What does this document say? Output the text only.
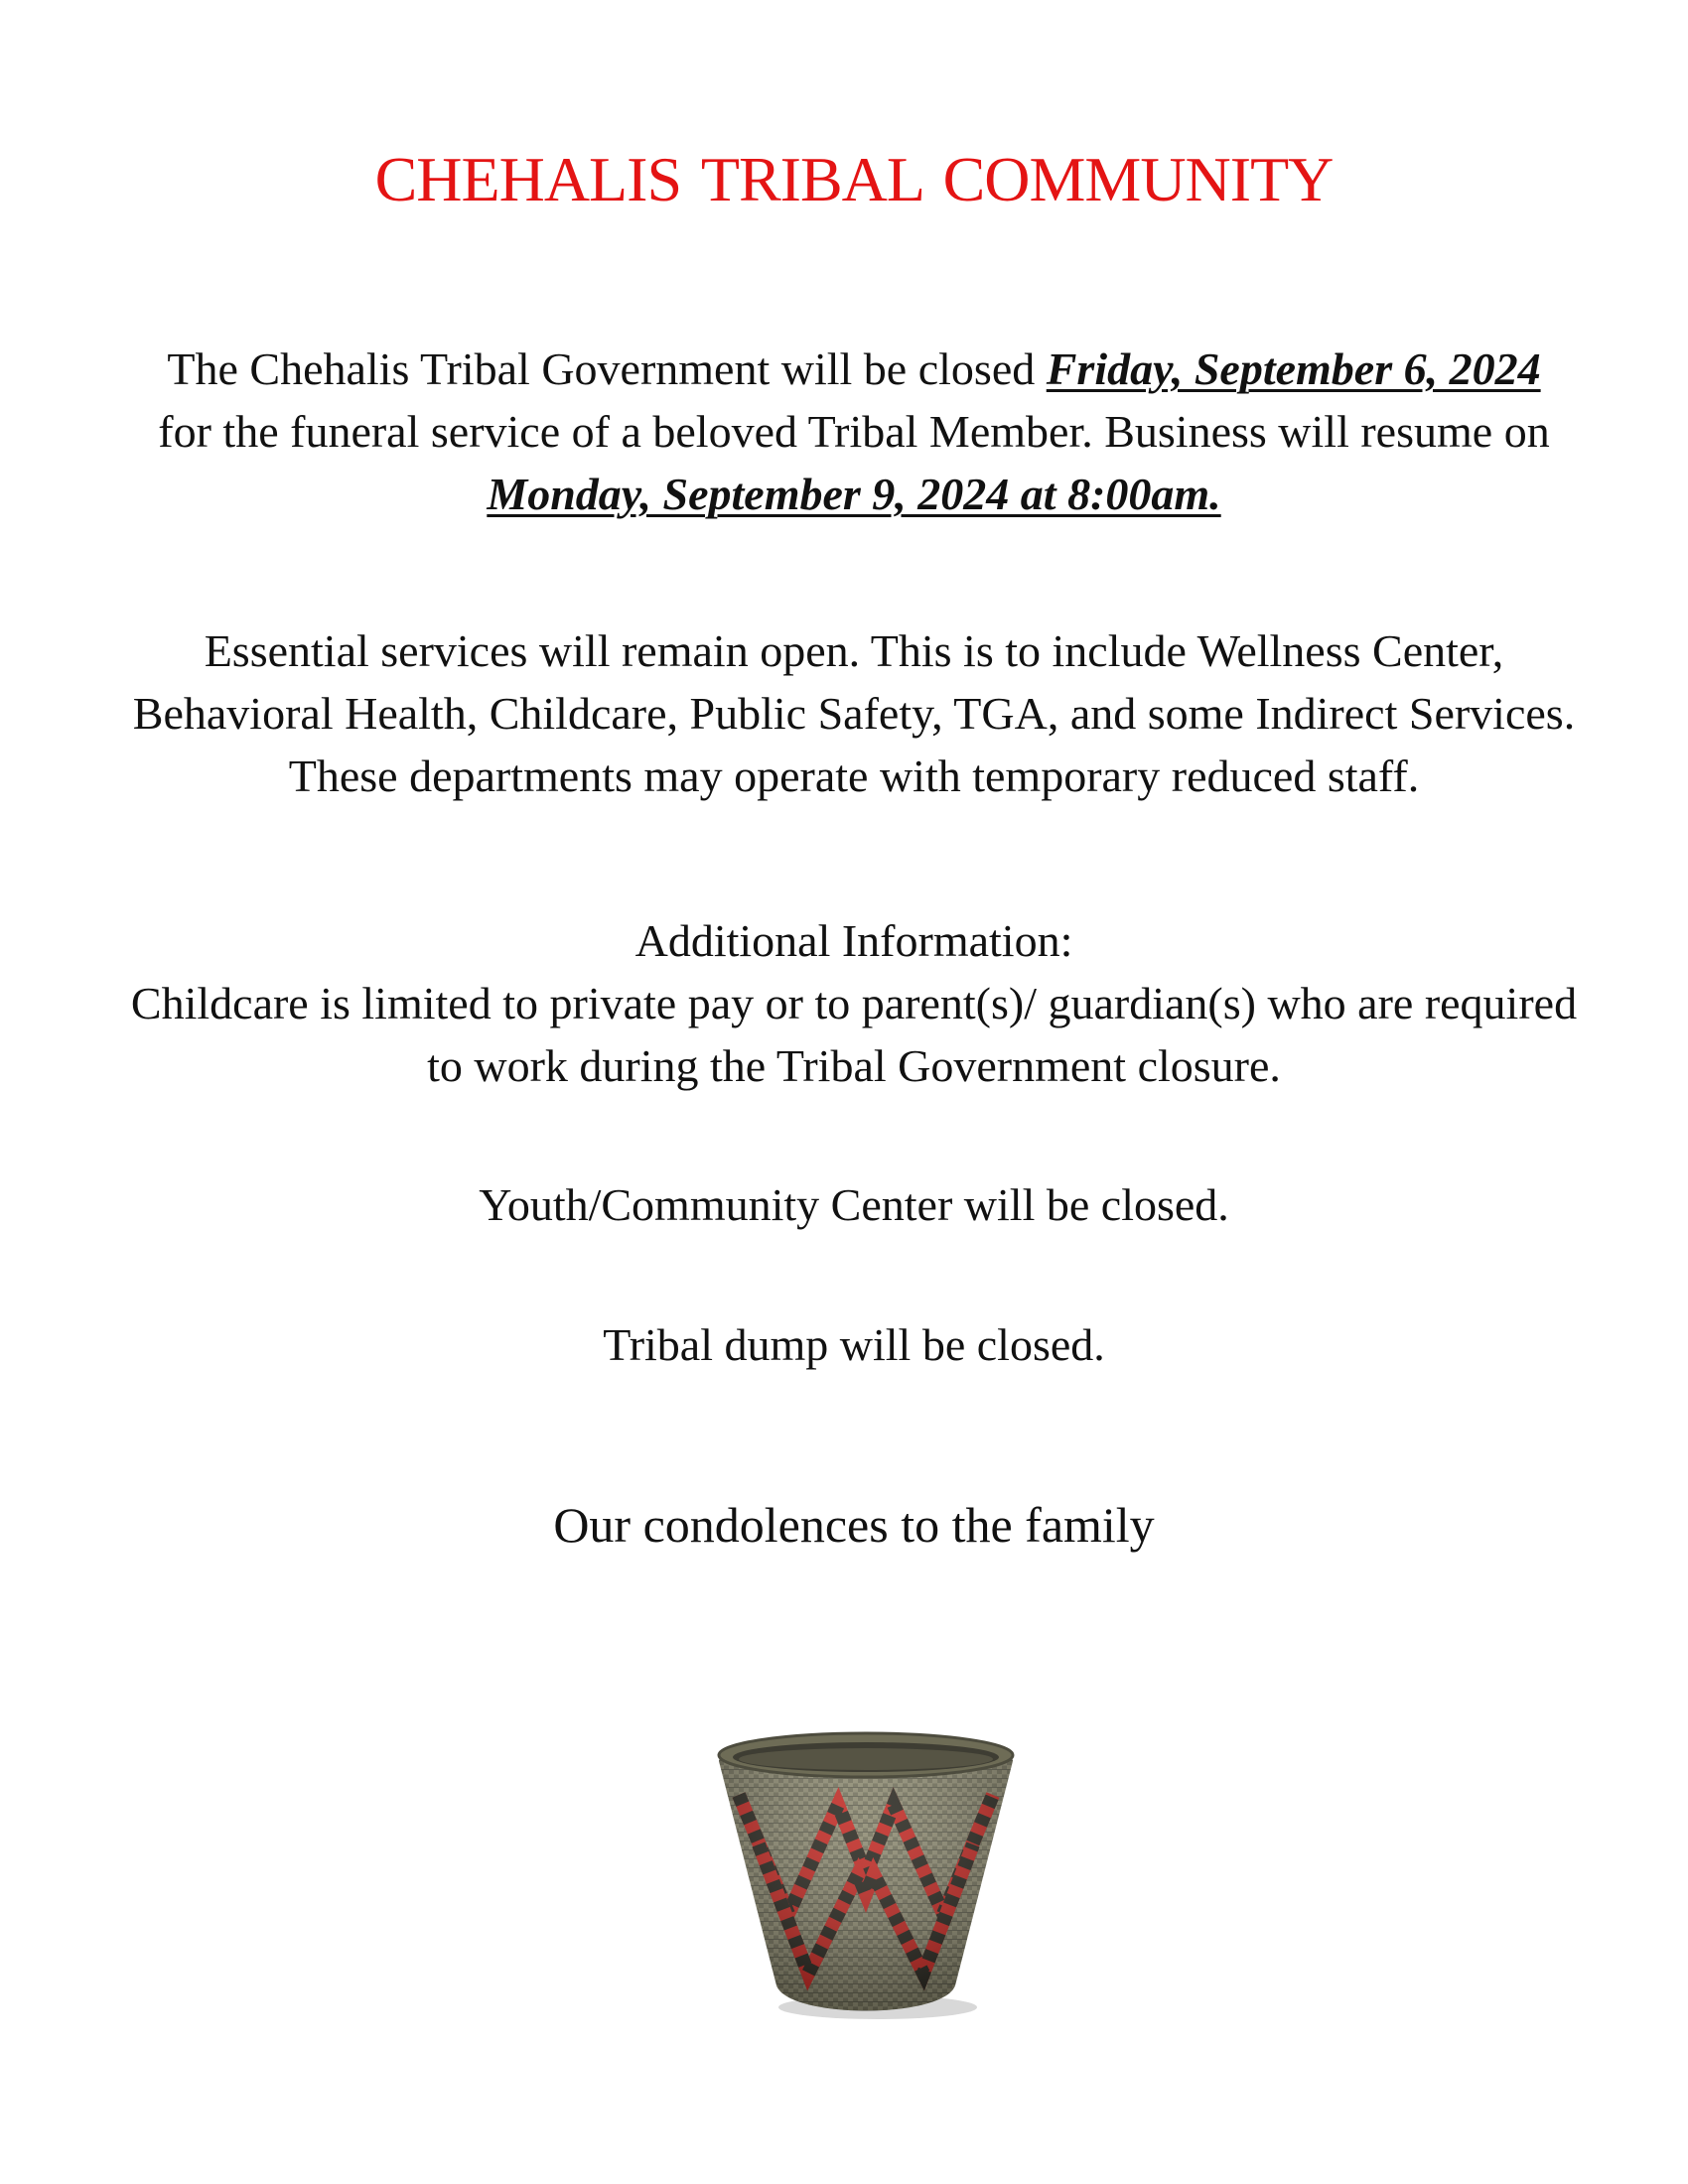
CHEHALIS TRIBAL COMMUNITY
The Chehalis Tribal Government will be closed Friday, September 6, 2024 for the funeral service of a beloved Tribal Member. Business will resume on Monday, September 9, 2024 at 8:00am.
Essential services will remain open. This is to include Wellness Center, Behavioral Health, Childcare, Public Safety, TGA, and some Indirect Services. These departments may operate with temporary reduced staff.
Additional Information:
Childcare is limited to private pay or to parent(s)/ guardian(s) who are required to work during the Tribal Government closure.
Youth/Community Center will be closed.
Tribal dump will be closed.
Our condolences to the family
